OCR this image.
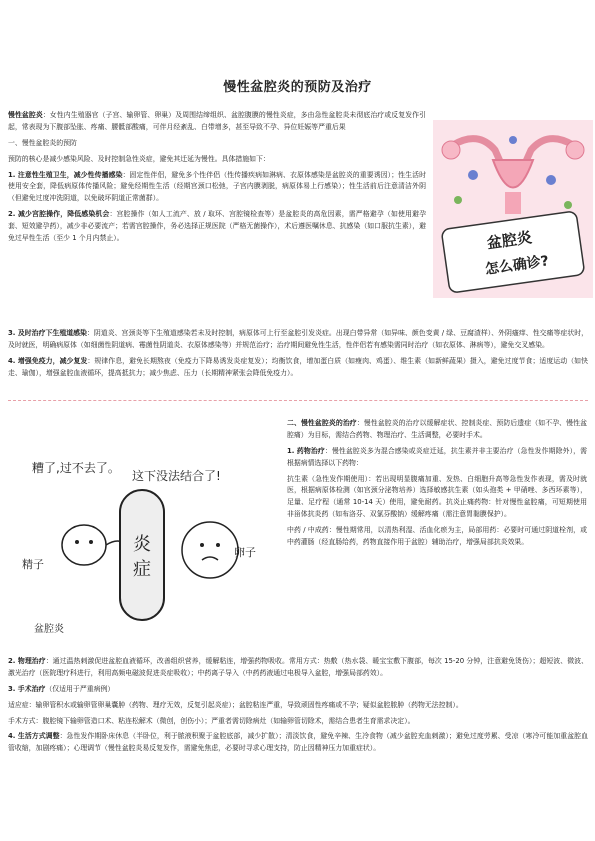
慢性盆腔炎的预防及治疗

慢性盆腔炎：女性内生殖器官（子宫、输卵管、卵巢）及周围结缔组织、盆腔腹膜的慢性炎症，多由急性盆腔炎未彻底治疗或反复发作引起，常表现为下腹部坠胀、疼痛、腰骶部酸痛，可伴月经紊乱、白带增多，甚至导致不孕、异位妊娠等严重后果

一、慢性盆腔炎的预防

预防的核心是减少感染风险、及时控制急性炎症，避免其迁延为慢性。具体措施如下：

1. 注意性生殖卫生，减少性传播感染：固定性伴侣，避免多个性伴侣（性传播疾病如淋病、衣原体感染是盆腔炎的重要诱因）；性生活时使用安全套，降低病原体传播风险；避免经期性生活（经期宫颈口松弛，子宫内膜剥脱，病原体易上行感染）；性生活前后注意清洁外阴（但避免过度冲洗阴道，以免破坏阴道正常菌群）。

2. 减少宫腔操作，降低感染机会：宫腔操作（如人工流产、放 / 取环、宫腔镜检查等）是盆腔炎的高危因素，需严格避孕（如使用避孕套、短效避孕药），减少非必要流产；若需宫腔操作，务必选择正规医院（严格无菌操作），术后遵医嘱休息、抗感染（如口服抗生素），避免过早性生活（至少 1 个月内禁止）。	盆腔炎
怎么确诊?

3. 及时治疗下生殖道感染：阴道炎、宫颈炎等下生殖道感染若未及时控制，病原体可上行至盆腔引发炎症。出现白带异常（如异味、颜色变黄 / 绿、豆腐渣样）、外阴瘙痒、性交痛等症状时，及时就医，明确病原体（如细菌性阴道病、霉菌性阴道炎、衣原体感染等）并规范治疗；治疗期间避免性生活，性伴侣若有感染需同时治疗（如衣原体、淋病等），避免交叉感染。

4. 增强免疫力，减少复发：规律作息，避免长期熬夜（免疫力下降易诱发炎症复发）；均衡饮食，增加蛋白质（如瘦肉、鸡蛋）、维生素（如新鲜蔬果）摄入，避免过度节食；适度运动（如快走、瑜伽），增强盆腔血液循环，提高抵抗力；减少焦虑、压力（长期精神紧张会降低免疫力）。

糟了,过不去了。
这下没法结合了!
炎
症
精子
卵子
盆腔炎

二、慢性盆腔炎的治疗：慢性盆腔炎的治疗以缓解症状、控制炎症、预防后遗症（如不孕、慢性盆腔痛）为目标，需结合药物、物理治疗、生活调整，必要时手术。

1. 药物治疗：慢性盆腔炎多为混合感染或炎症迁延，抗生素并非主要治疗（急性发作期除外），需根据病情选择以下药物：

抗生素（急性发作期使用）：若出现明显腹痛加重、发热、白细胞升高等急性发作表现，需及时就医，根据病原体检测（如宫颈分泌物培养）选择敏感抗生素（如头孢类 + 甲硝唑、多西环素等），足量、足疗程（通常 10-14 天）使用，避免耐药。抗炎止痛药物：针对慢性盆腔痛，可短期使用非甾体抗炎药（如布洛芬、双氯芬酸钠）缓解疼痛（需注意胃黏膜保护）。

中药 / 中成药：慢性期常用，以清热利湿、活血化瘀为主，局部用药：必要时可通过阴道栓剂，或中药灌肠（经直肠给药，药物直接作用于盆腔）辅助治疗，增强局部抗炎效果。

2. 物理治疗：通过温热刺激促进盆腔血液循环，改善组织营养，缓解粘连，增强药物吸收。常用方式：热敷（热水袋、暖宝宝敷下腹部，每次 15-20 分钟，注意避免烫伤）；超短波、微波、激光治疗（医院理疗科进行，利用高频电磁波促进炎症吸收）；中药离子导入（中药药液通过电极导入盆腔，增强局部药效）。

3. 手术治疗（仅适用于严重病例）

适应症：输卵管积水或输卵管卵巢囊肿（药物、理疗无效，反复引起炎症）；盆腔粘连严重，导致顽固性疼痛或不孕；疑似盆腔脓肿（药物无法控制）。

手术方式：腹腔镜下输卵管造口术、粘连松解术（微创，创伤小）；严重者需切除病灶（如输卵管切除术，需结合患者生育需求决定）。

4. 生活方式调整：急性发作期卧床休息（半卧位，利于脓液积聚于盆腔底部，减少扩散）；清淡饮食，避免辛辣、生冷食物（减少盆腔充血刺激）；避免过度劳累、受凉（寒冷可能加重盆腔血管收缩，加剧疼痛）；心理调节（慢性盆腔炎易反复发作，需避免焦虑，必要时寻求心理支持，防止因精神压力加重症状）。
